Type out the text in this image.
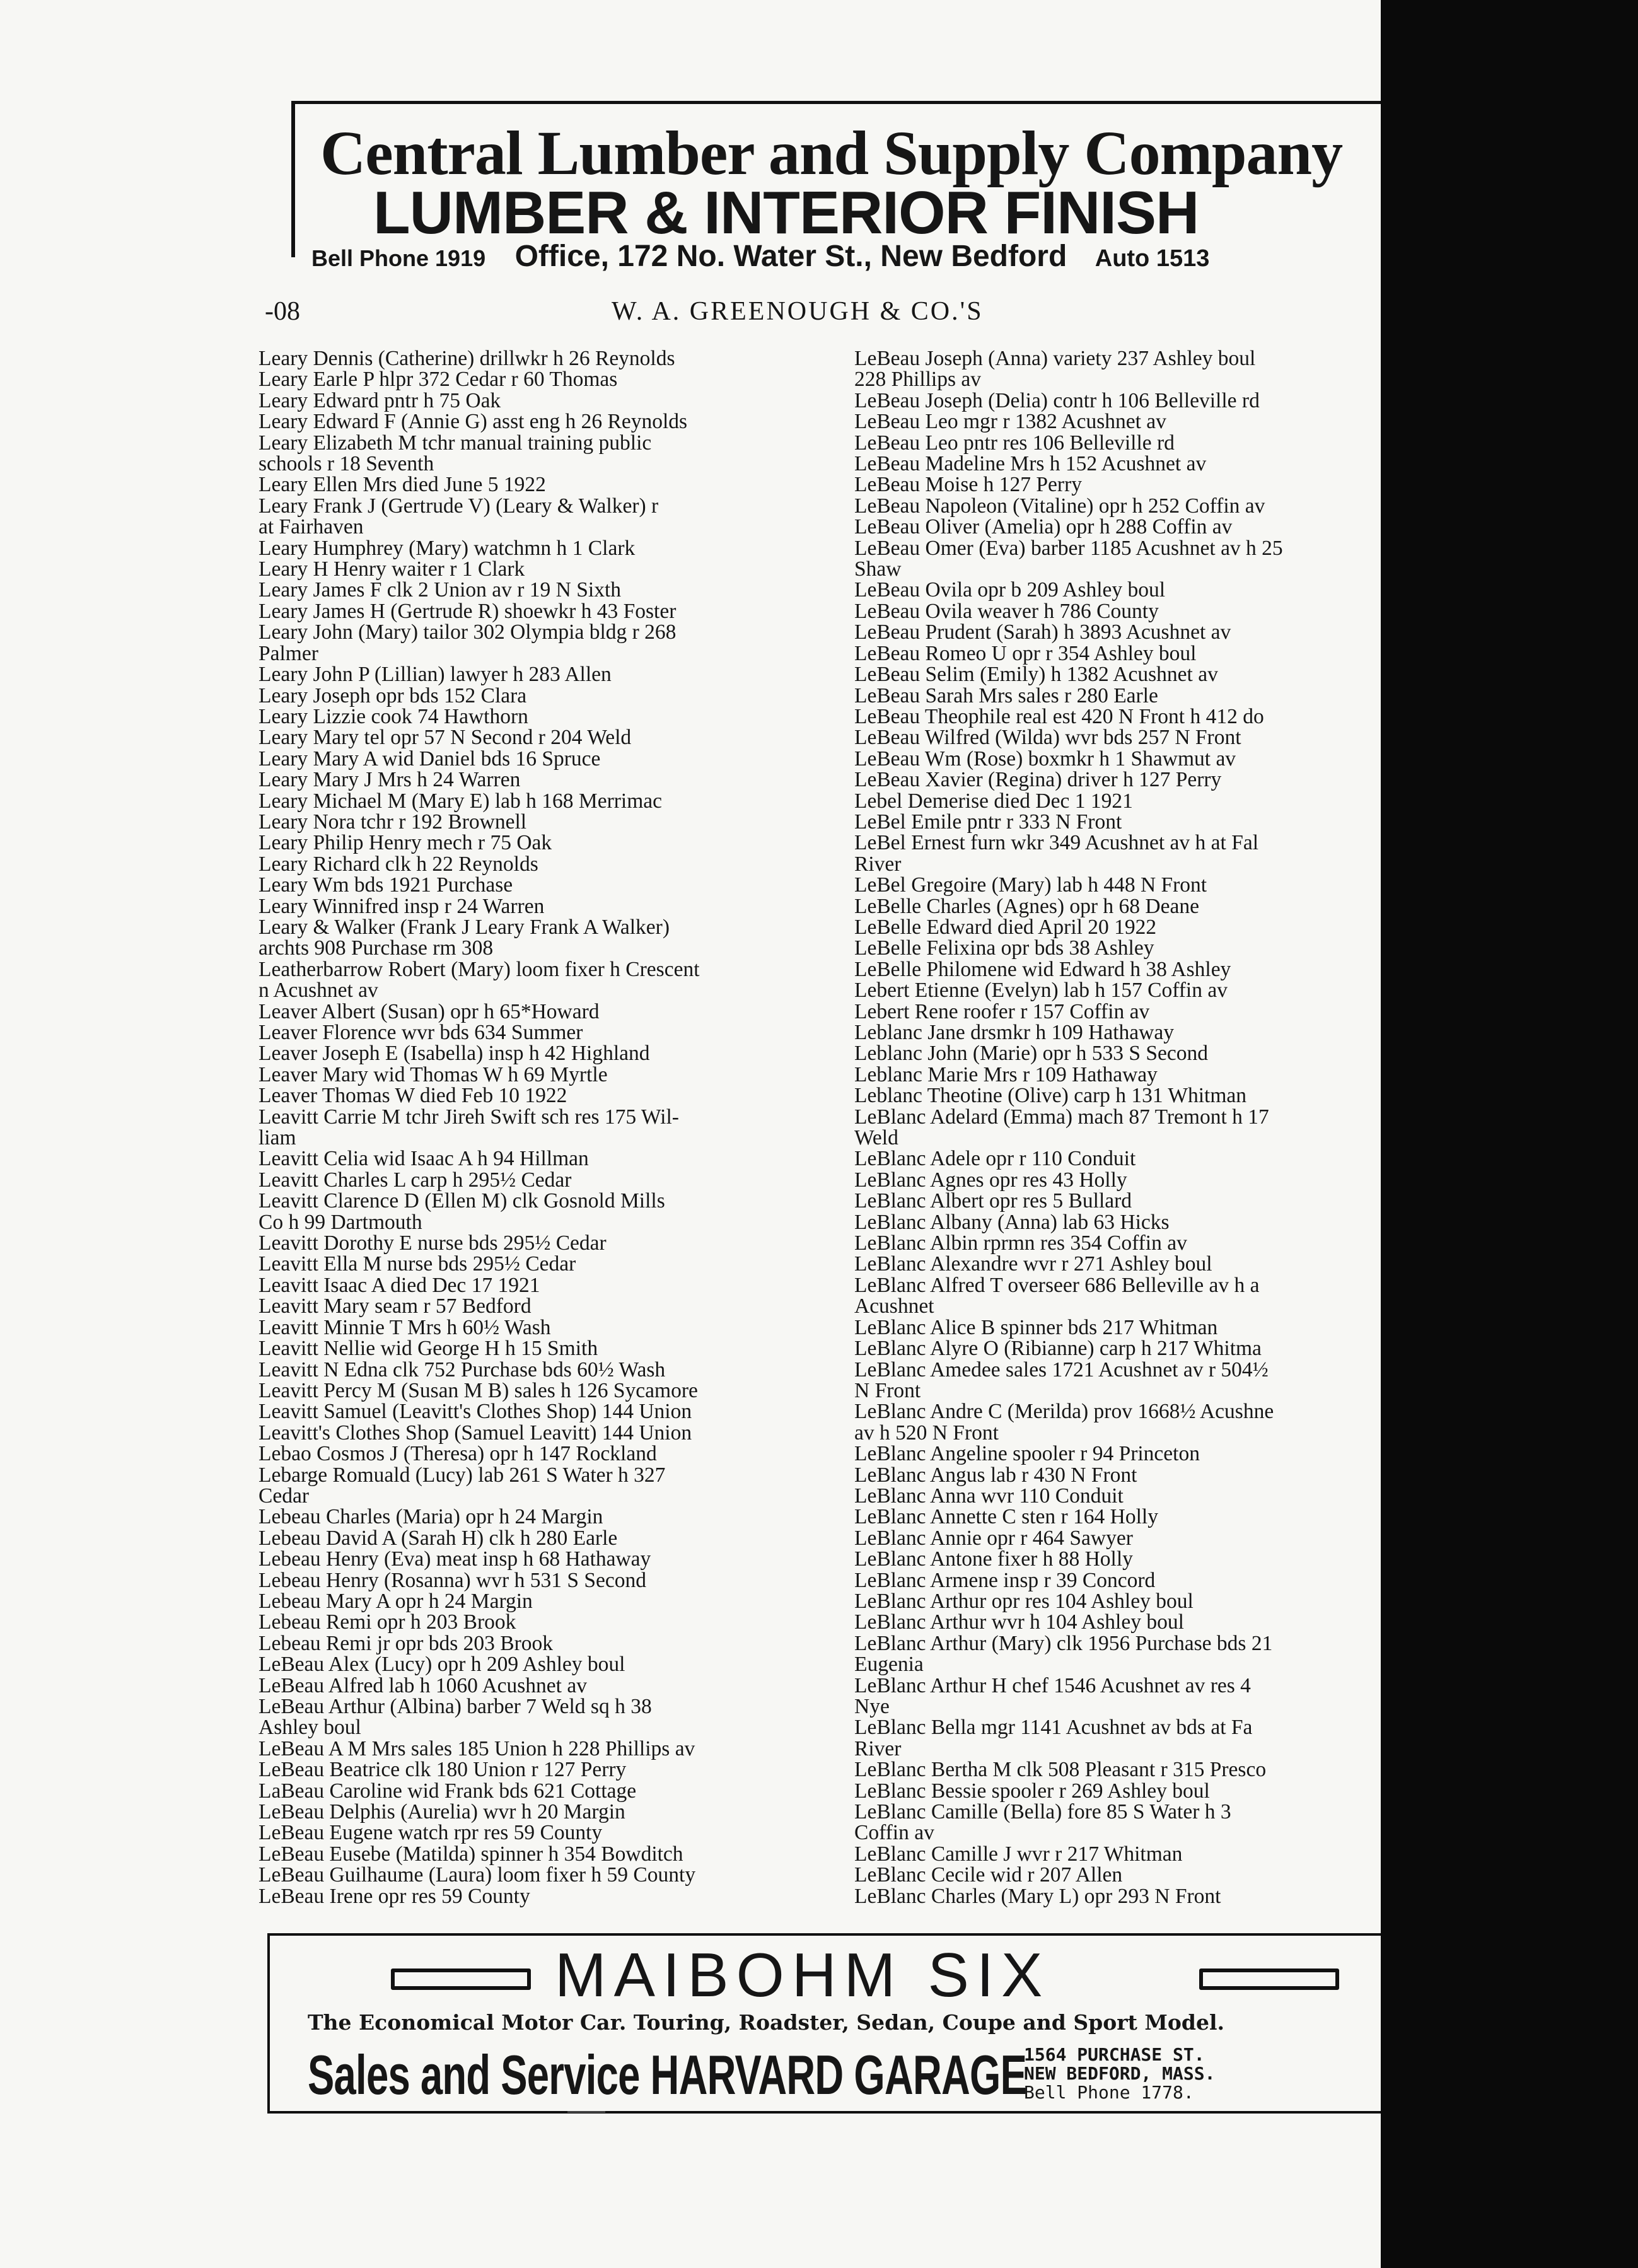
Central Lumber and Supply Company
LUMBER & INTERIOR FINISH
Bell Phone 1919 Office, 172 No. Water St., New Bedford Auto 1513
-08	W. A. GREENOUGH & CO.'S
Leary Dennis (Catherine) drillwkr h 26 Reynolds
Leary Earle P hlpr 372 Cedar r 60 Thomas
Leary Edward pntr h 75 Oak
Leary Edward F (Annie G) asst eng h 26 Reynolds
Leary Elizabeth M tchr manual training public
schools r 18 Seventh
Leary Ellen Mrs died June 5 1922
Leary Frank J (Gertrude V) (Leary & Walker) r
at Fairhaven
Leary Humphrey (Mary) watchmn h 1 Clark
Leary H Henry waiter r 1 Clark
Leary James F clk 2 Union av r 19 N Sixth
Leary James H (Gertrude R) shoewkr h 43 Foster
Leary John (Mary) tailor 302 Olympia bldg r 268
Palmer
Leary John P (Lillian) lawyer h 283 Allen
Leary Joseph opr bds 152 Clara
Leary Lizzie cook 74 Hawthorn
Leary Mary tel opr 57 N Second r 204 Weld
Leary Mary A wid Daniel bds 16 Spruce
Leary Mary J Mrs h 24 Warren
Leary Michael M (Mary E) lab h 168 Merrimac
Leary Nora tchr r 192 Brownell
Leary Philip Henry mech r 75 Oak
Leary Richard clk h 22 Reynolds
Leary Wm bds 1921 Purchase
Leary Winnifred insp r 24 Warren
Leary & Walker (Frank J Leary Frank A Walker)
archts 908 Purchase rm 308
Leatherbarrow Robert (Mary) loom fixer h Crescent
n Acushnet av
Leaver Albert (Susan) opr h 65*Howard
Leaver Florence wvr bds 634 Summer
Leaver Joseph E (Isabella) insp h 42 Highland
Leaver Mary wid Thomas W h 69 Myrtle
Leaver Thomas W died Feb 10 1922
Leavitt Carrie M tchr Jireh Swift sch res 175 Wil-
liam
Leavitt Celia wid Isaac A h 94 Hillman
Leavitt Charles L carp h 295½ Cedar
Leavitt Clarence D (Ellen M) clk Gosnold Mills
Co h 99 Dartmouth
Leavitt Dorothy E nurse bds 295½ Cedar
Leavitt Ella M nurse bds 295½ Cedar
Leavitt Isaac A died Dec 17 1921
Leavitt Mary seam r 57 Bedford
Leavitt Minnie T Mrs h 60½ Wash
Leavitt Nellie wid George H h 15 Smith
Leavitt N Edna clk 752 Purchase bds 60½ Wash
Leavitt Percy M (Susan M B) sales h 126 Sycamore
Leavitt Samuel (Leavitt's Clothes Shop) 144 Union
Leavitt's Clothes Shop (Samuel Leavitt) 144 Union
Lebao Cosmos J (Theresa) opr h 147 Rockland
Lebarge Romuald (Lucy) lab 261 S Water h 327
Cedar
Lebeau Charles (Maria) opr h 24 Margin
Lebeau David A (Sarah H) clk h 280 Earle
Lebeau Henry (Eva) meat insp h 68 Hathaway
Lebeau Henry (Rosanna) wvr h 531 S Second
Lebeau Mary A opr h 24 Margin
Lebeau Remi opr h 203 Brook
Lebeau Remi jr opr bds 203 Brook
LeBeau Alex (Lucy) opr h 209 Ashley boul
LeBeau Alfred lab h 1060 Acushnet av
LeBeau Arthur (Albina) barber 7 Weld sq h 38
Ashley boul
LeBeau A M Mrs sales 185 Union h 228 Phillips av
LeBeau Beatrice clk 180 Union r 127 Perry
LaBeau Caroline wid Frank bds 621 Cottage
LeBeau Delphis (Aurelia) wvr h 20 Margin
LeBeau Eugene watch rpr res 59 County
LeBeau Eusebe (Matilda) spinner h 354 Bowditch
LeBeau Guilhaume (Laura) loom fixer h 59 County
LeBeau Irene opr res 59 County
LeBeau Joseph (Anna) variety 237 Ashley boul
228 Phillips av
LeBeau Joseph (Delia) contr h 106 Belleville rd
LeBeau Leo mgr r 1382 Acushnet av
LeBeau Leo pntr res 106 Belleville rd
LeBeau Madeline Mrs h 152 Acushnet av
LeBeau Moise h 127 Perry
LeBeau Napoleon (Vitaline) opr h 252 Coffin av
LeBeau Oliver (Amelia) opr h 288 Coffin av
LeBeau Omer (Eva) barber 1185 Acushnet av h 25
Shaw
LeBeau Ovila opr b 209 Ashley boul
LeBeau Ovila weaver h 786 County
LeBeau Prudent (Sarah) h 3893 Acushnet av
LeBeau Romeo U opr r 354 Ashley boul
LeBeau Selim (Emily) h 1382 Acushnet av
LeBeau Sarah Mrs sales r 280 Earle
LeBeau Theophile real est 420 N Front h 412 do
LeBeau Wilfred (Wilda) wvr bds 257 N Front
LeBeau Wm (Rose) boxmkr h 1 Shawmut av
LeBeau Xavier (Regina) driver h 127 Perry
Lebel Demerise died Dec 1 1921
LeBel Emile pntr r 333 N Front
LeBel Ernest furn wkr 349 Acushnet av h at Fal
River
LeBel Gregoire (Mary) lab h 448 N Front
LeBelle Charles (Agnes) opr h 68 Deane
LeBelle Edward died April 20 1922
LeBelle Felixina opr bds 38 Ashley
LeBelle Philomene wid Edward h 38 Ashley
Lebert Etienne (Evelyn) lab h 157 Coffin av
Lebert Rene roofer r 157 Coffin av
Leblanc Jane drsmkr h 109 Hathaway
Leblanc John (Marie) opr h 533 S Second
Leblanc Marie Mrs r 109 Hathaway
Leblanc Theotine (Olive) carp h 131 Whitman
LeBlanc Adelard (Emma) mach 87 Tremont h 17
Weld
LeBlanc Adele opr r 110 Conduit
LeBlanc Agnes opr res 43 Holly
LeBlanc Albert opr res 5 Bullard
LeBlanc Albany (Anna) lab 63 Hicks
LeBlanc Albin rprmn res 354 Coffin av
LeBlanc Alexandre wvr r 271 Ashley boul
LeBlanc Alfred T overseer 686 Belleville av h a
Acushnet
LeBlanc Alice B spinner bds 217 Whitman
LeBlanc Alyre O (Ribianne) carp h 217 Whitma
LeBlanc Amedee sales 1721 Acushnet av r 504½
N Front
LeBlanc Andre C (Merilda) prov 1668½ Acushne
av h 520 N Front
LeBlanc Angeline spooler r 94 Princeton
LeBlanc Angus lab r 430 N Front
LeBlanc Anna wvr 110 Conduit
LeBlanc Annette C sten r 164 Holly
LeBlanc Annie opr r 464 Sawyer
LeBlanc Antone fixer h 88 Holly
LeBlanc Armene insp r 39 Concord
LeBlanc Arthur opr res 104 Ashley boul
LeBlanc Arthur wvr h 104 Ashley boul
LeBlanc Arthur (Mary) clk 1956 Purchase bds 21
Eugenia
LeBlanc Arthur H chef 1546 Acushnet av res 4
Nye
LeBlanc Bella mgr 1141 Acushnet av bds at Fa
River
LeBlanc Bertha M clk 508 Pleasant r 315 Presco
LeBlanc Bessie spooler r 269 Ashley boul
LeBlanc Camille (Bella) fore 85 S Water h 3
Coffin av
LeBlanc Camille J wvr r 217 Whitman
LeBlanc Cecile wid r 207 Allen
LeBlanc Charles (Mary L) opr 293 N Front
MAIBOHM SIX
The Economical Motor Car. Touring, Roadster, Sedan, Coupe and Sport Model.
Sales and Service HARVARD GARAGE
1564 PURCHASE ST.
NEW BEDFORD, MASS.
Bell Phone 1778.
